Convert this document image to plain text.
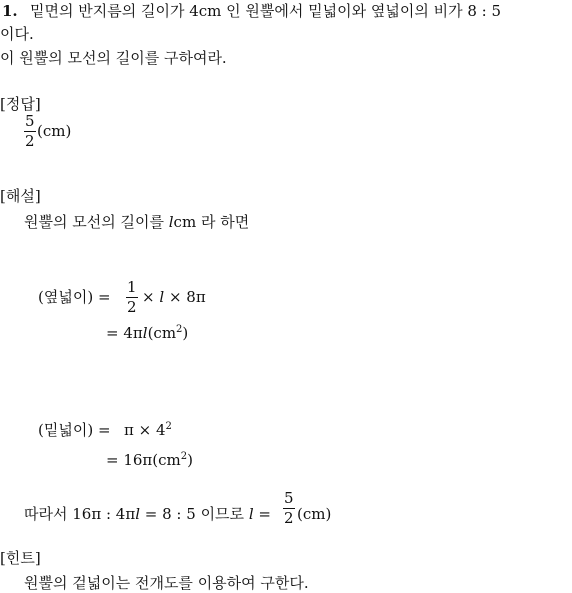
1. 밑면의 반지름의 길이가 4cm 인 원뿔에서 밑넓이와 옆넓이의 비가 8 : 5
이다.
이 원뿔의 모선의 길이를 구하여라.
[정답]
$\frac{5}{2} (cm)$
[해설]
원뿔의 모선의 길이를 lcm 라 하면
(옆넓이) = $\frac{1}{2} \times l \times 8\pi$
= $4\pi l(cm^2)$
(밑넓이) = $\pi \times 4^2$
= $16\pi(cm^2)$
따라서 16π : 4πl = 8 : 5 이므로 $l = \frac{5}{2} (cm)$
[힌트]
원뿔의 겉넓이는 전개도를 이용하여 구한다.
